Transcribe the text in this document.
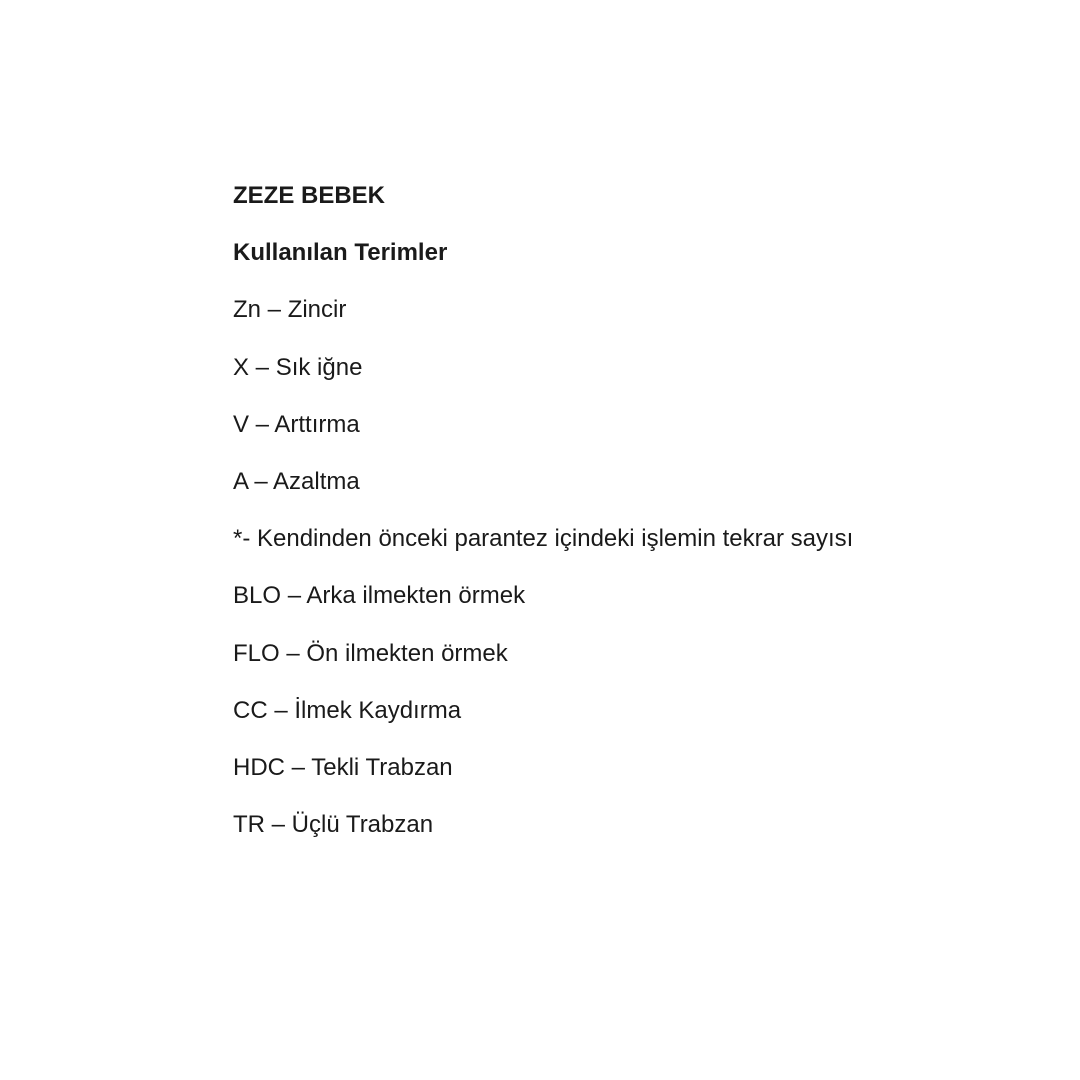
ZEZE BEBEK
Kullanılan Terimler
Zn – Zincir
X – Sık iğne
V – Arttırma
A – Azaltma
*- Kendinden önceki parantez içindeki işlemin tekrar sayısı
BLO – Arka ilmekten örmek
FLO – Ön ilmekten örmek
CC – İlmek Kaydırma
HDC – Tekli Trabzan
TR – Üçlü Trabzan
